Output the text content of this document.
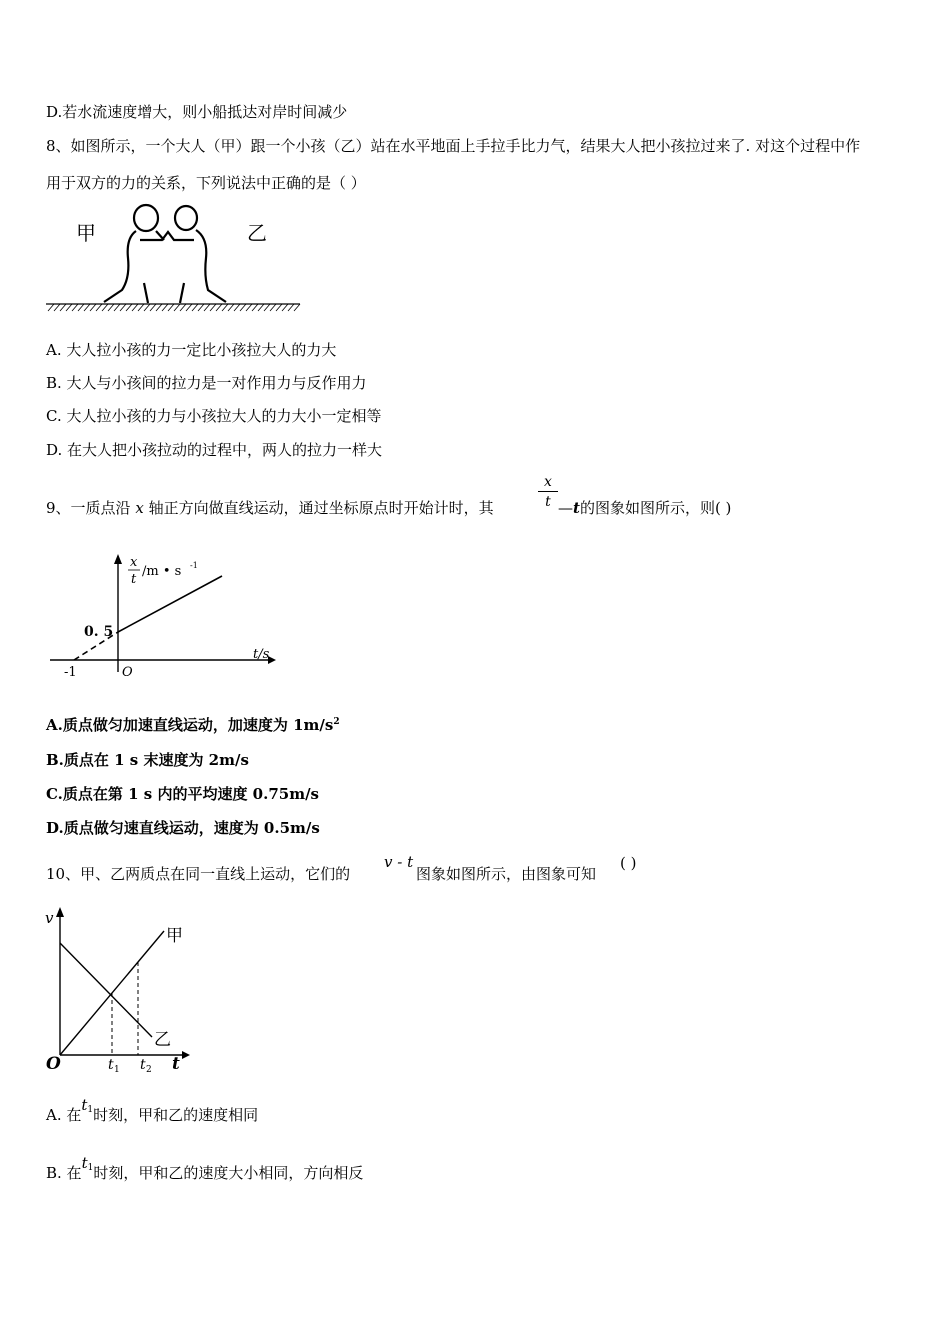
D.若水流速度增大，则小船抵达对岸时间减少
8、如图所示，一个大人（甲）跟一个小孩（乙）站在水平地面上手拉手比力气，结果大人把小孩拉过来了. 对这个过程中作
用于双方的力的关系，下列说法中正确的是（ ）
甲	乙
A. 大人拉小孩的力一定比小孩拉大人的力大
B. 大人与小孩间的拉力是一对作用力与反作用力
C. 大人拉小孩的力与小孩拉大人的力大小一定相等
D. 在大人把小孩拉动的过程中，两人的拉力一样大
9、一质点沿 x 轴正方向做直线运动，通过坐标原点时开始计时，其	$\frac{x}{t}$ —t的图象如图所示，则( )
x
t
/m • s -1
0. 5
-1	O
t/s
A.质点做匀加速直线运动，加速度为 $1m/s^2$
B.质点在 1 s 末速度为 2m/s
C.质点在第 1 s 内的平均速度 0.75m/s
D.质点做匀速直线运动，速度为 0.5m/s
10、甲、乙两质点在同一直线上运动，它们的
v - t
图象如图所示，由图象可知
( )
v
t
O
甲
乙
t 1 t 2
A. 在$t^1$时刻，甲和乙的速度相同
B. 在$t^1$时刻，甲和乙的速度大小相同，方向相反
